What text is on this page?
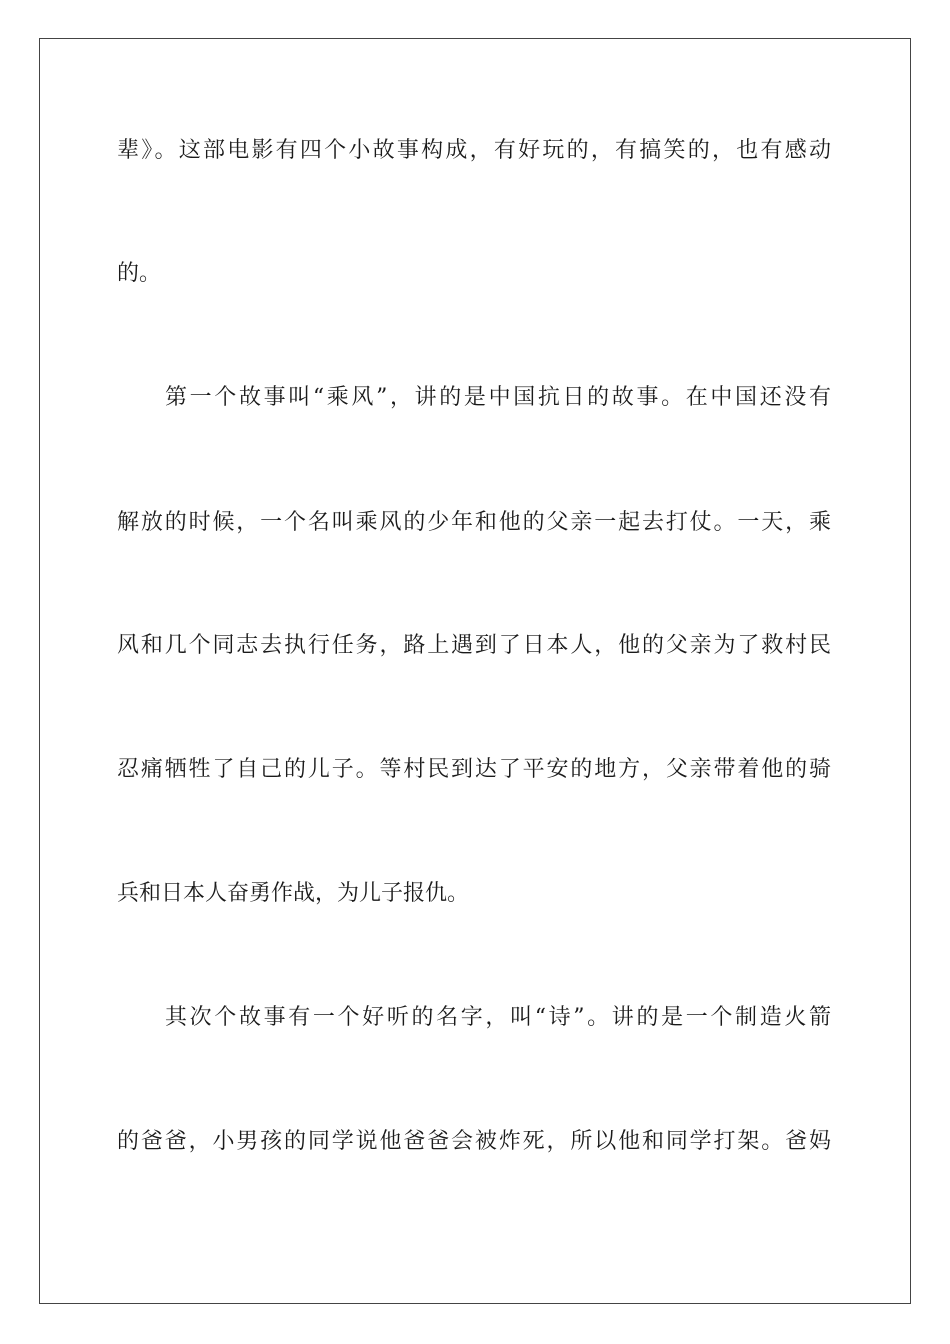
辈》。这部电影有四个小故事构成，有好玩的，有搞笑的，也有感动
的。
第一个故事叫“乘风”，讲的是中国抗日的故事。在中国还没有
解放的时候，一个名叫乘风的少年和他的父亲一起去打仗。一天，乘
风和几个同志去执行任务，路上遇到了日本人，他的父亲为了救村民
忍痛牺牲了自己的儿子。等村民到达了平安的地方，父亲带着他的骑
兵和日本人奋勇作战，为儿子报仇。
其次个故事有一个好听的名字，叫“诗”。讲的是一个制造火箭
的爸爸，小男孩的同学说他爸爸会被炸死，所以他和同学打架。爸妈
